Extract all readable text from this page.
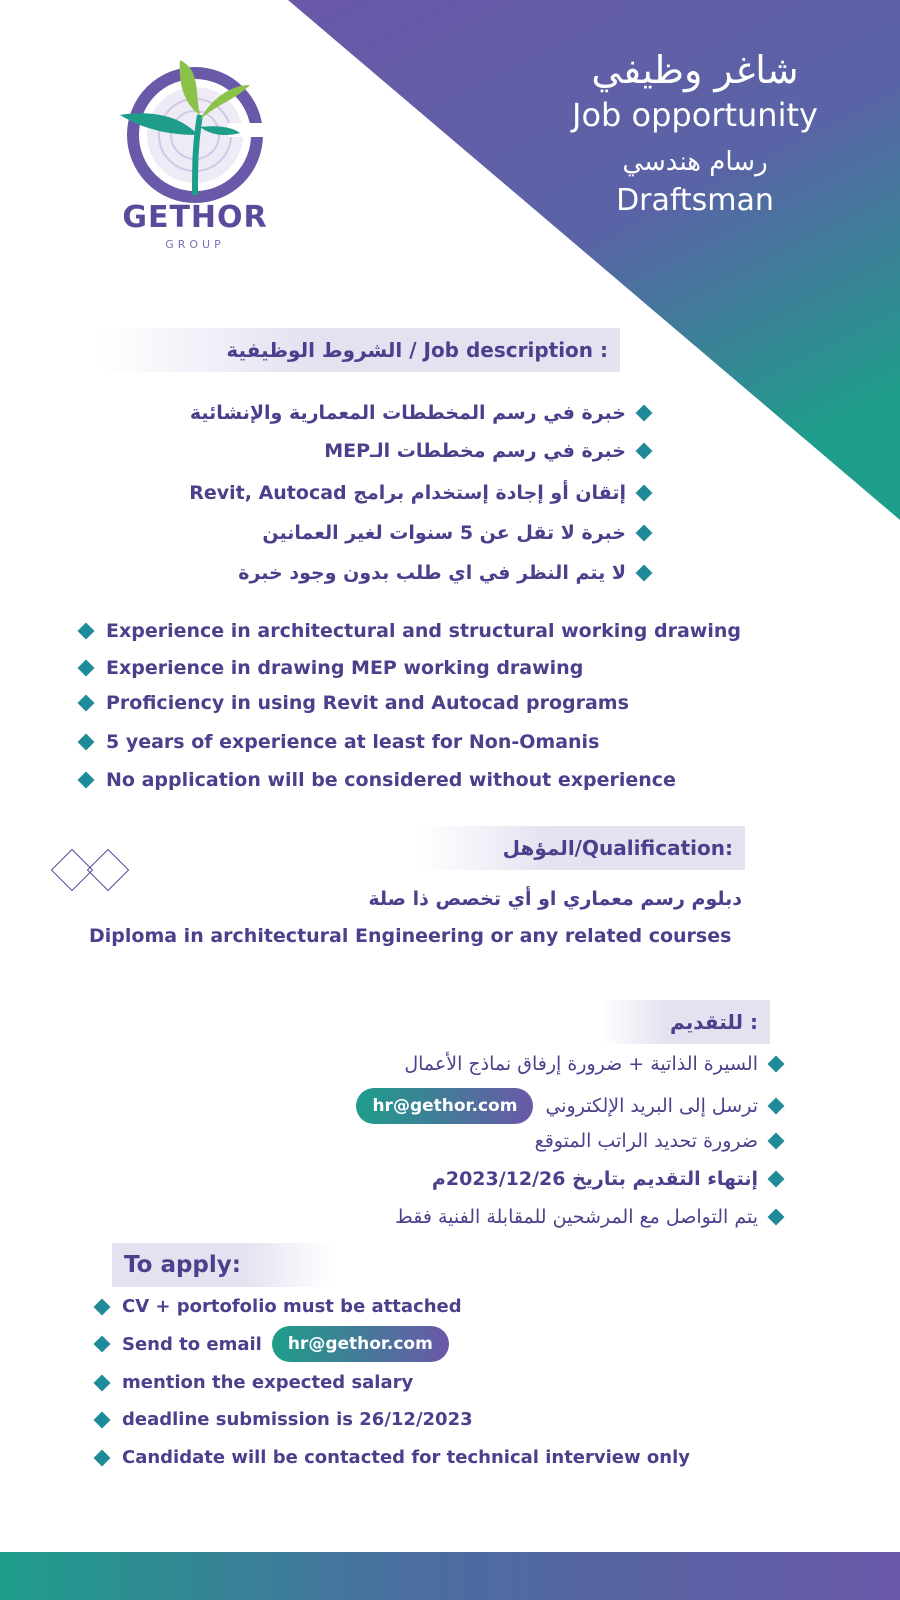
GETHOR
GROUP
شاغر وظيفي
Job opportunity
رسام هندسي
Draftsman
الشروط الوظيفية / Job description :
خبرة في رسم المخططات المعمارية والإنشائية
خبرة في رسم مخططات الـMEP
إتقان أو إجادة إستخدام برامج Revit, Autocad
خبرة لا تقل عن 5 سنوات لغير العمانين
لا يتم النظر في اي طلب بدون وجود خبرة
Experience in architectural and structural working drawing
Experience in drawing MEP working drawing
Proficiency in using Revit and Autocad programs
5 years of experience at least for Non-Omanis
No application will be considered without experience
المؤهل/Qualification:
دبلوم رسم معماري او أي تخصص ذا صلة
Diploma in architectural Engineering or any related courses
للتقديم :
السيرة الذاتية + ضرورة إرفاق نماذج الأعمال
ترسل إلى البريد الإلكتروني
hr@gethor.com
ضرورة تحديد الراتب المتوقع
إنتهاء التقديم بتاريخ 2023/12/26م
يتم التواصل مع المرشحين للمقابلة الفنية فقط
To apply:
CV + portofolio must be attached
Send to email	hr@gethor.com
mention the expected salary
deadline submission is 26/12/2023
Candidate will be contacted for technical interview only
